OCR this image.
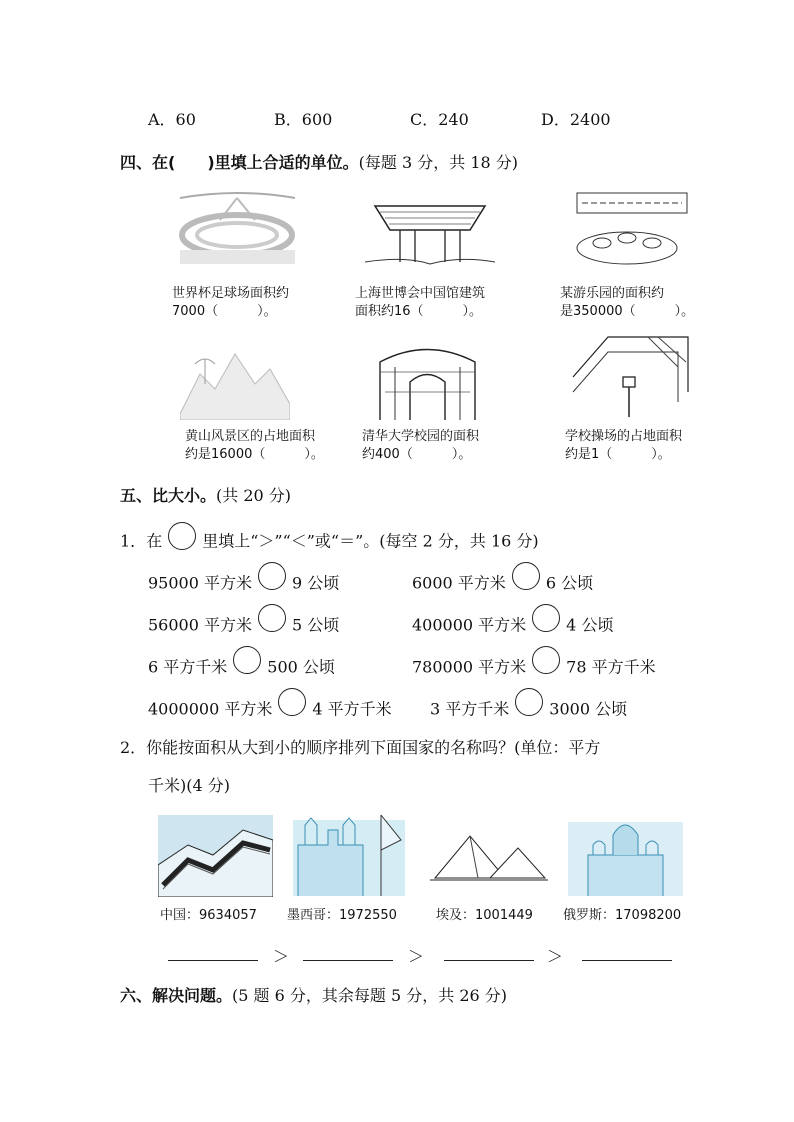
A．60	B．600	C．240	D．2400
四、在(　　)里填上合适的单位。(每题 3 分，共 18 分)
世界杯足球场面积约
7000（　　　）。
上海世博会中国馆建筑
面积约16（　　　）。
某游乐园的面积约
是350000（　　　）。
黄山风景区的占地面积
约是16000（　　　）。
清华大学校园的面积
约400（　　　）。
学校操场的占地面积
约是1（　　　）。
五、比大小。(共 20 分)
1．在	里填上“＞”“＜”或“＝”。(每空 2 分，共 16 分)
95000 平方米	9 公顷	6000 平方米	6 公顷
56000 平方米	5 公顷	400000 平方米	4 公顷
6 平方千米	500 公顷	780000 平方米	78 平方千米
4000000 平方米	4 平方千米 3 平方千米	3000 公顷
2．你能按面积从大到小的顺序排列下面国家的名称吗？(单位：平方
千米)(4 分)
中国：9634057 墨西哥：1972550	埃及：1001449 俄罗斯：17098200
＞	＞	＞
六、解决问题。(5 题 6 分，其余每题 5 分，共 26 分)
